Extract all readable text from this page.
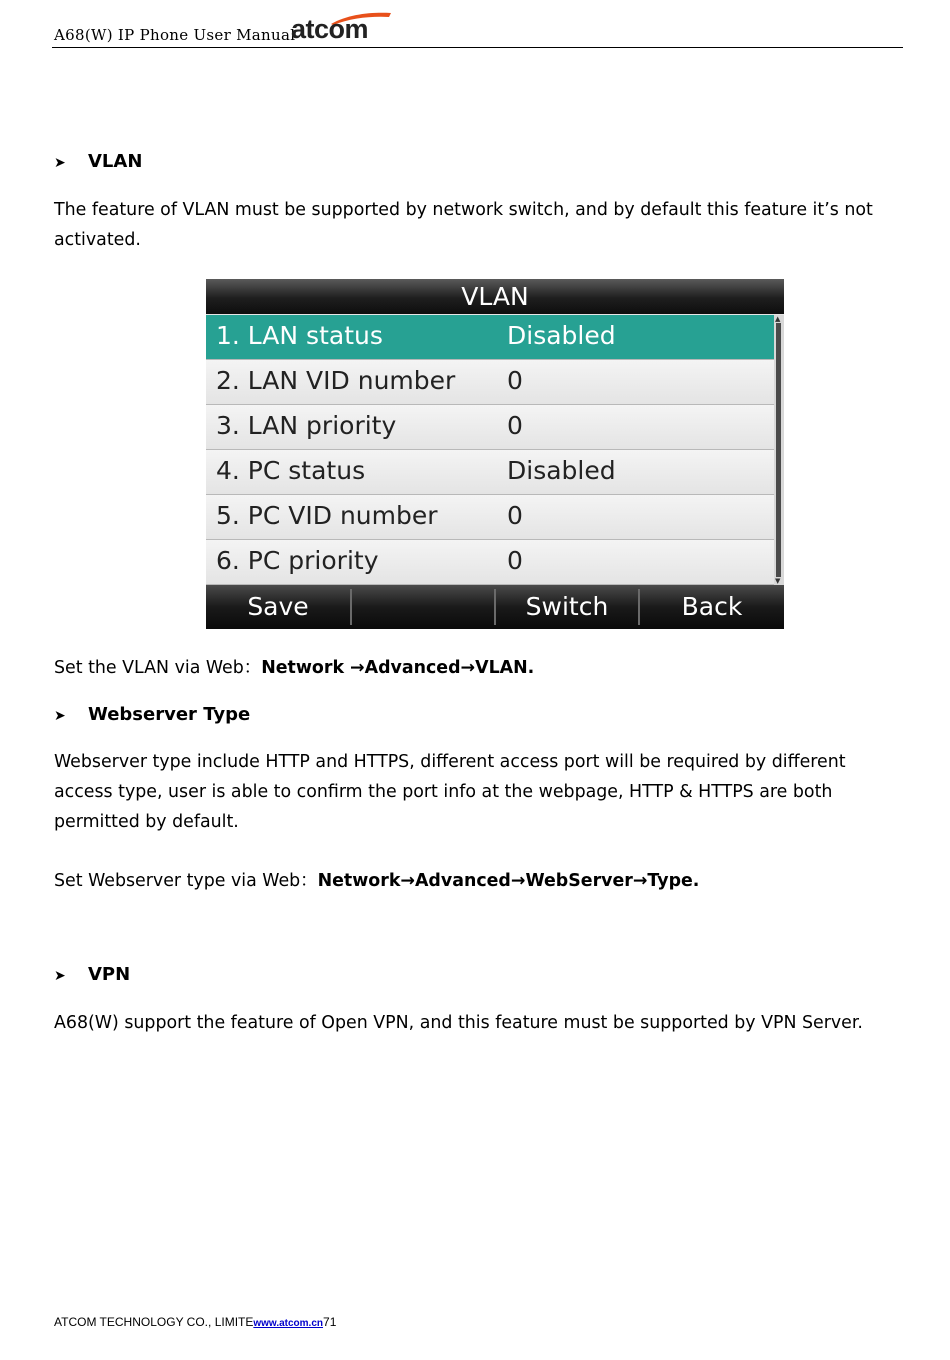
A68(W) IP Phone User Manual
atcom
➤ VLAN
The feature of VLAN must be supported by network switch, and by default this feature it’s not activated.
VLAN
1. LAN status	Disabled
2. LAN VID number 0
3. LAN priority	0
4. PC status	Disabled
5. PC VID number	0
6. PC priority	0
▲
▼
Save	Switch	Back
Set the VLAN via Web：Network →Advanced→VLAN.
➤ Webserver Type
Webserver type include HTTP and HTTPS, different access port will be required by different access type, user is able to confirm the port info at the webpage, HTTP & HTTPS are both permitted by default.
Set Webserver type via Web：Network→Advanced→WebServer→Type.
➤ VPN
A68(W) support the feature of Open VPN, and this feature must be supported by VPN Server.
ATCOM TECHNOLOGY CO., LIMITEwww.atcom.cn71
